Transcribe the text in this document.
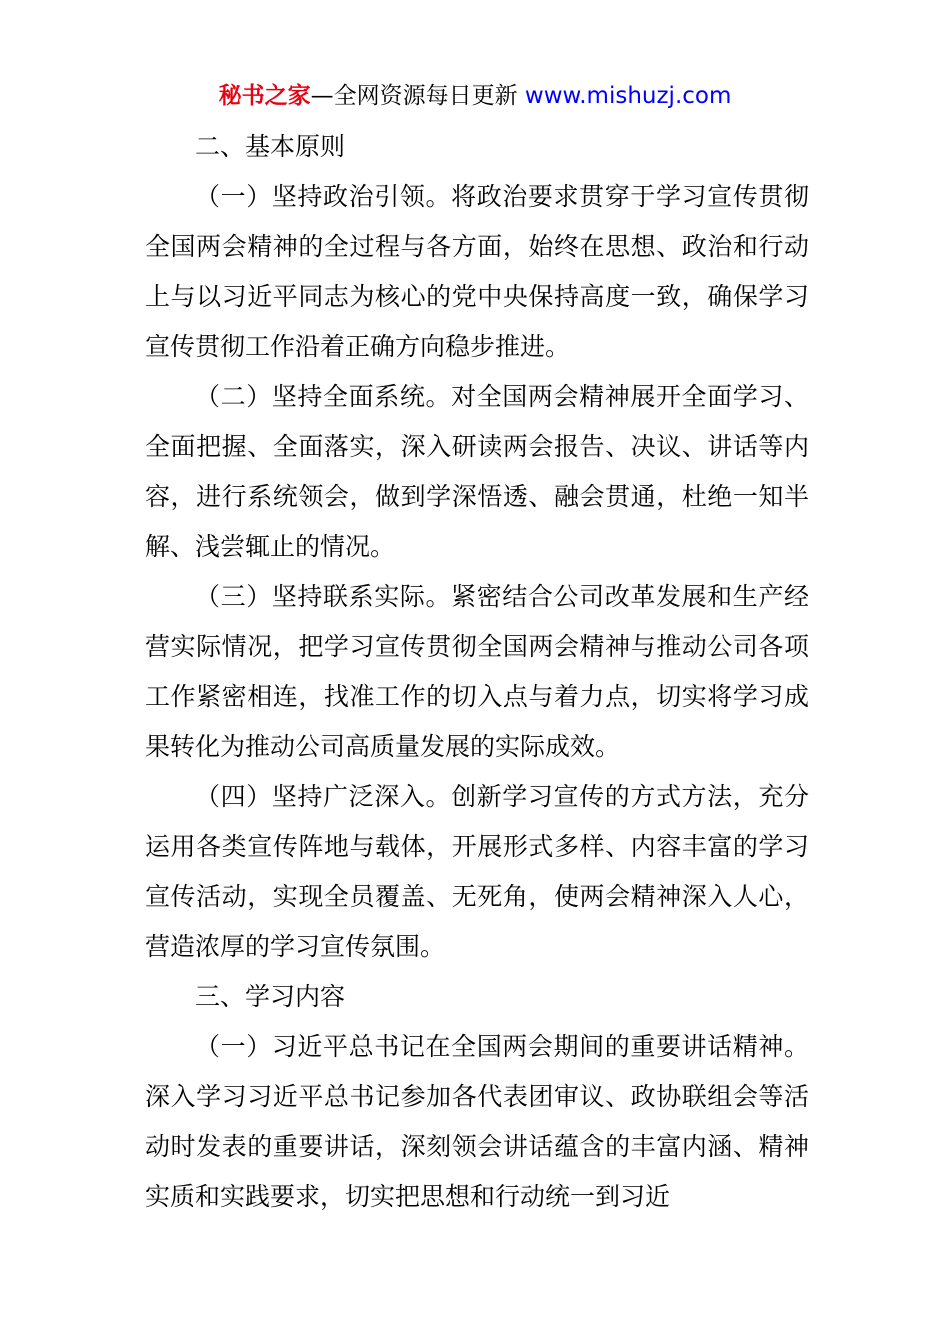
秘书之家—全网资源每日更新 www.mishuzj.com

二、基本原则

（一）坚持政治引领。将政治要求贯穿于学习宣传贯彻全国两会精神的全过程与各方面，始终在思想、政治和行动上与以习近平同志为核心的党中央保持高度一致，确保学习宣传贯彻工作沿着正确方向稳步推进。

（二）坚持全面系统。对全国两会精神展开全面学习、全面把握、全面落实，深入研读两会报告、决议、讲话等内容，进行系统领会，做到学深悟透、融会贯通，杜绝一知半解、浅尝辄止的情况。

（三）坚持联系实际。紧密结合公司改革发展和生产经营实际情况，把学习宣传贯彻全国两会精神与推动公司各项工作紧密相连，找准工作的切入点与着力点，切实将学习成果转化为推动公司高质量发展的实际成效。

（四）坚持广泛深入。创新学习宣传的方式方法，充分运用各类宣传阵地与载体，开展形式多样、内容丰富的学习宣传活动，实现全员覆盖、无死角，使两会精神深入人心，营造浓厚的学习宣传氛围。

三、学习内容

（一）习近平总书记在全国两会期间的重要讲话精神。深入学习习近平总书记参加各代表团审议、政协联组会等活动时发表的重要讲话，深刻领会讲话蕴含的丰富内涵、精神实质和实践要求，切实把思想和行动统一到习近
